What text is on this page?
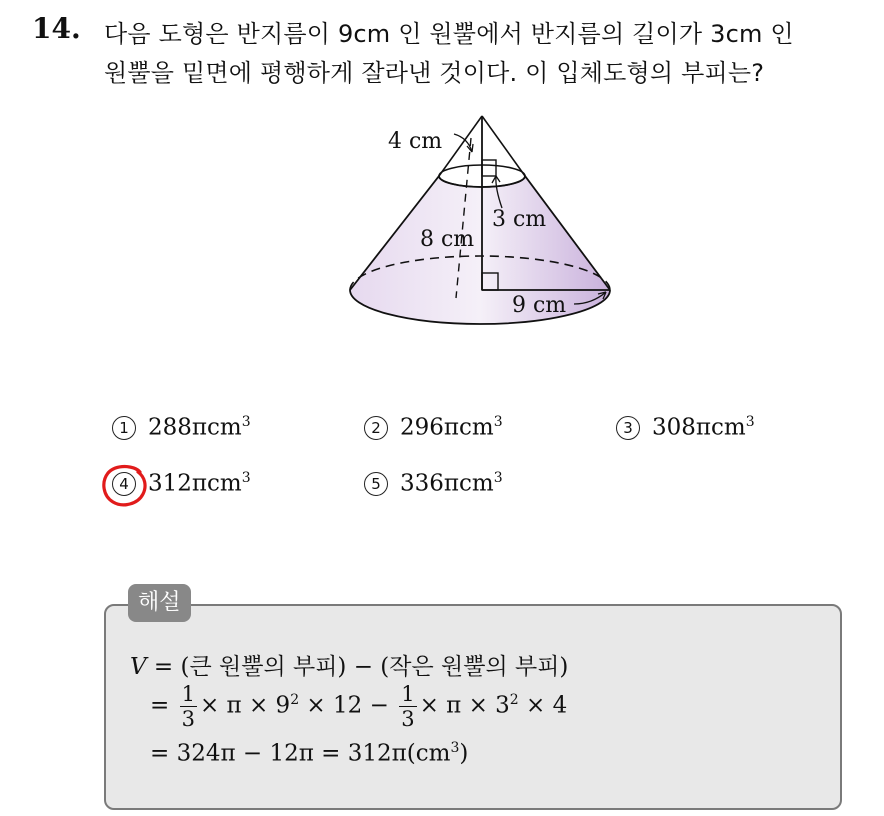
14. 다음 도형은 반지름이 9cm 인 원뿔에서 반지름의 길이가 3cm 인
원뿔을 밑면에 평행하게 잘라낸 것이다. 이 입체도형의 부피는?
4 cm
3 cm
8 cm
9 cm
1 288πcm$^3$	2 296πcm$^3$	3 308πcm$^3$
4 312πcm$^3$	5 336πcm$^3$
해설
V = (큰 원뿔의 부피) − (작은 원뿔의 부피)
= $\frac{1}{3} \times \pi \times 9^2 \times 12 - \frac{1}{3} \times \pi \times 3^2 \times 4$
= $324\pi - 12\pi = 312\pi(cm^3)$
